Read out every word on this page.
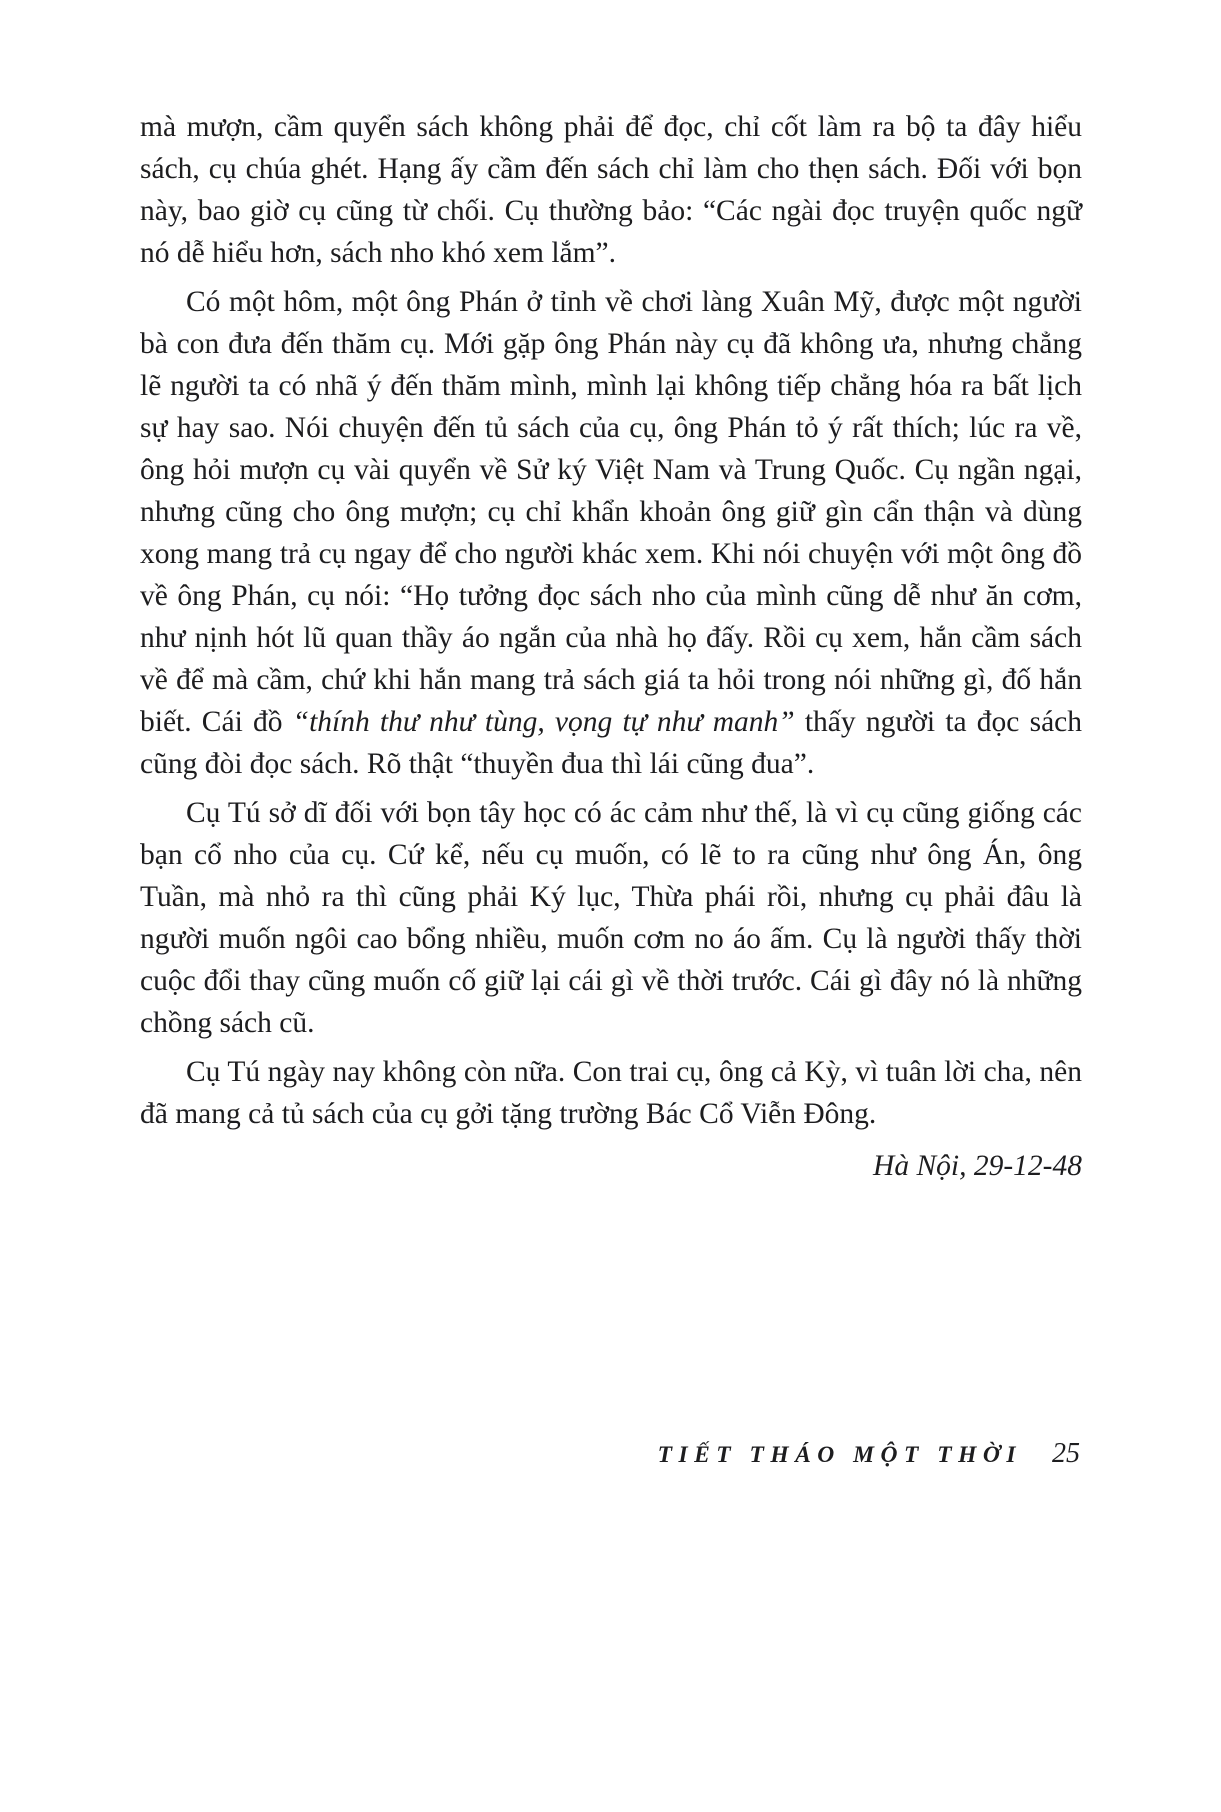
mà mượn, cầm quyển sách không phải để đọc, chỉ cốt làm ra bộ ta đây hiểu sách, cụ chúa ghét. Hạng ấy cầm đến sách chỉ làm cho thẹn sách. Đối với bọn này, bao giờ cụ cũng từ chối. Cụ thường bảo: “Các ngài đọc truyện quốc ngữ nó dễ hiểu hơn, sách nho khó xem lắm”.

Có một hôm, một ông Phán ở tỉnh về chơi làng Xuân Mỹ, được một người bà con đưa đến thăm cụ. Mới gặp ông Phán này cụ đã không ưa, nhưng chẳng lẽ người ta có nhã ý đến thăm mình, mình lại không tiếp chẳng hóa ra bất lịch sự hay sao. Nói chuyện đến tủ sách của cụ, ông Phán tỏ ý rất thích; lúc ra về, ông hỏi mượn cụ vài quyển về Sử ký Việt Nam và Trung Quốc. Cụ ngần ngại, nhưng cũng cho ông mượn; cụ chỉ khẩn khoản ông giữ gìn cẩn thận và dùng xong mang trả cụ ngay để cho người khác xem. Khi nói chuyện với một ông đồ về ông Phán, cụ nói: “Họ tưởng đọc sách nho của mình cũng dễ như ăn cơm, như nịnh hót lũ quan thầy áo ngắn của nhà họ đấy. Rồi cụ xem, hắn cầm sách về để mà cầm, chứ khi hắn mang trả sách giá ta hỏi trong nói những gì, đố hắn biết. Cái đồ “thính thư như tùng, vọng tự như manh” thấy người ta đọc sách cũng đòi đọc sách. Rõ thật “thuyền đua thì lái cũng đua”.

Cụ Tú sở dĩ đối với bọn tây học có ác cảm như thế, là vì cụ cũng giống các bạn cổ nho của cụ. Cứ kể, nếu cụ muốn, có lẽ to ra cũng như ông Án, ông Tuần, mà nhỏ ra thì cũng phải Ký lục, Thừa phái rồi, nhưng cụ phải đâu là người muốn ngôi cao bổng nhiều, muốn cơm no áo ấm. Cụ là người thấy thời cuộc đổi thay cũng muốn cố giữ lại cái gì về thời trước. Cái gì đây nó là những chồng sách cũ.

Cụ Tú ngày nay không còn nữa. Con trai cụ, ông cả Kỳ, vì tuân lời cha, nên đã mang cả tủ sách của cụ gởi tặng trường Bác Cổ Viễn Đông.

Hà Nội, 29-12-48
TIẾT THÁO MỘT THỜI 25
